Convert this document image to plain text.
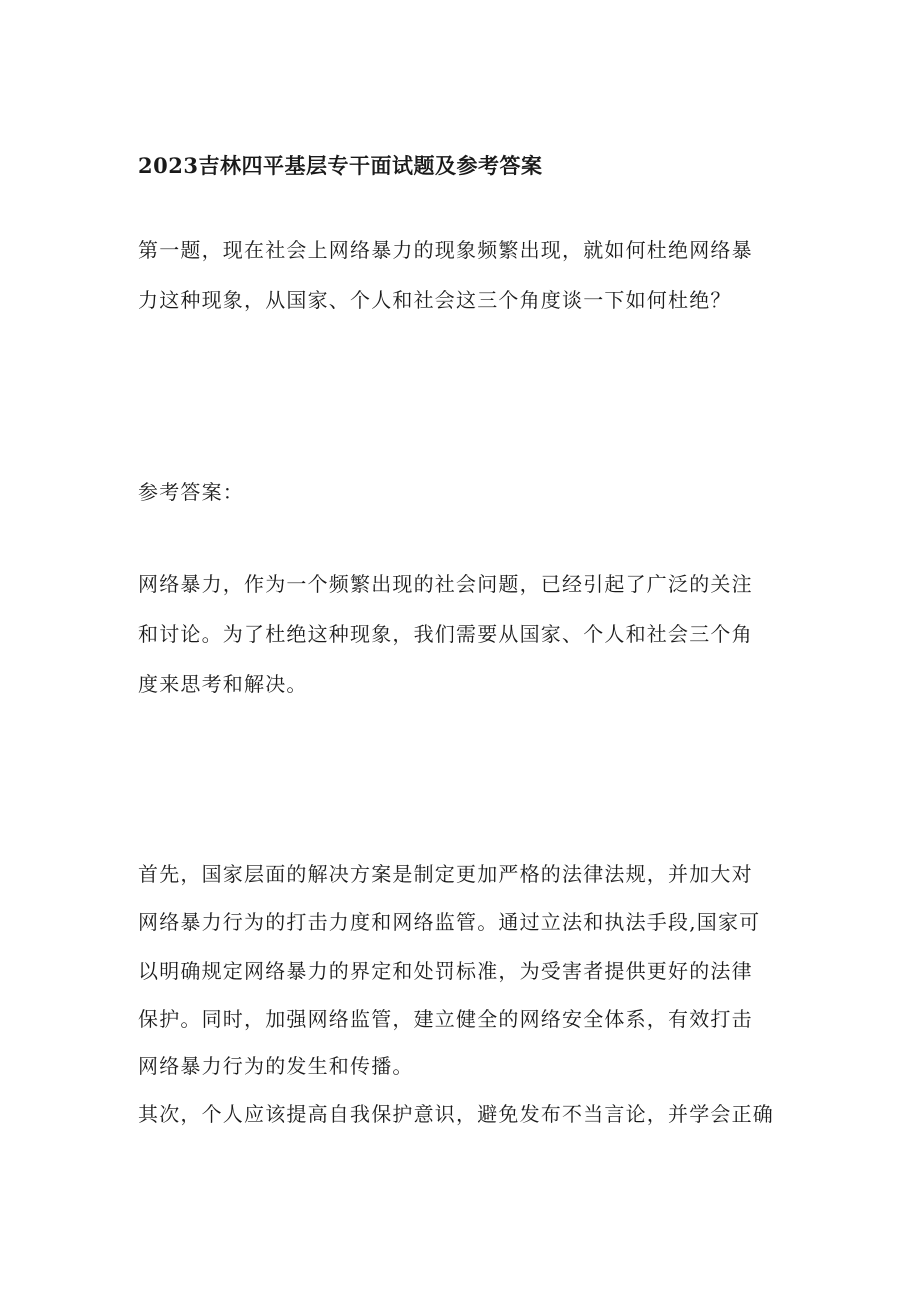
2023吉林四平基层专干面试题及参考答案
第一题，现在社会上网络暴力的现象频繁出现，就如何杜绝网络暴
力这种现象，从国家、个人和社会这三个角度谈一下如何杜绝？
参考答案：
网络暴力，作为一个频繁出现的社会问题，已经引起了广泛的关注
和讨论。为了杜绝这种现象，我们需要从国家、个人和社会三个角
度来思考和解决。
首先，国家层面的解决方案是制定更加严格的法律法规，并加大对
网络暴力行为的打击力度和网络监管。通过立法和执法手段,国家可
以明确规定网络暴力的界定和处罚标准，为受害者提供更好的法律
保护。同时，加强网络监管，建立健全的网络安全体系，有效打击
网络暴力行为的发生和传播。
其次，个人应该提高自我保护意识，避免发布不当言论，并学会正确
